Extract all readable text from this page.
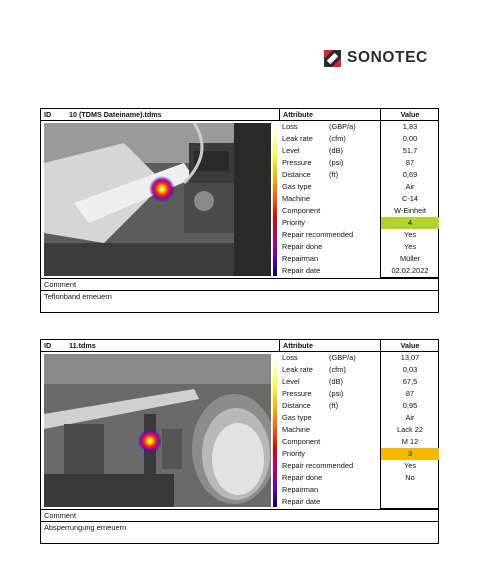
SONOTEC
ID 10 (TDMS Dateiname).tdms	Attribute	Value
Loss	(GBP/a)	1,83
Leak rate (cfm)	0,00
Level	(dB)	51,7
Pressure (psi)	87
Distance (ft)	0,69
Gas type	Air
Machine	C-14
Component	W-Einheit
Priority	4
Repair recommended	Yes
Repair done	Yes
Repairman	Müller
Repair date	02.02.2022
Comment
Teflonband erneuern
ID 11.tdms	Attribute	Value
Loss	(GBP/a)	13,07
Leak rate (cfm)	0,03
Level	(dB)	67,5
Pressure (psi)	87
Distance (ft)	0,95
Gas type	Air
Machine	Lack 22
Component	M 12
Priority	3
Repair recommended	Yes
Repair done	No
Repairman
Repair date
Comment
Absperrungung erneuern
